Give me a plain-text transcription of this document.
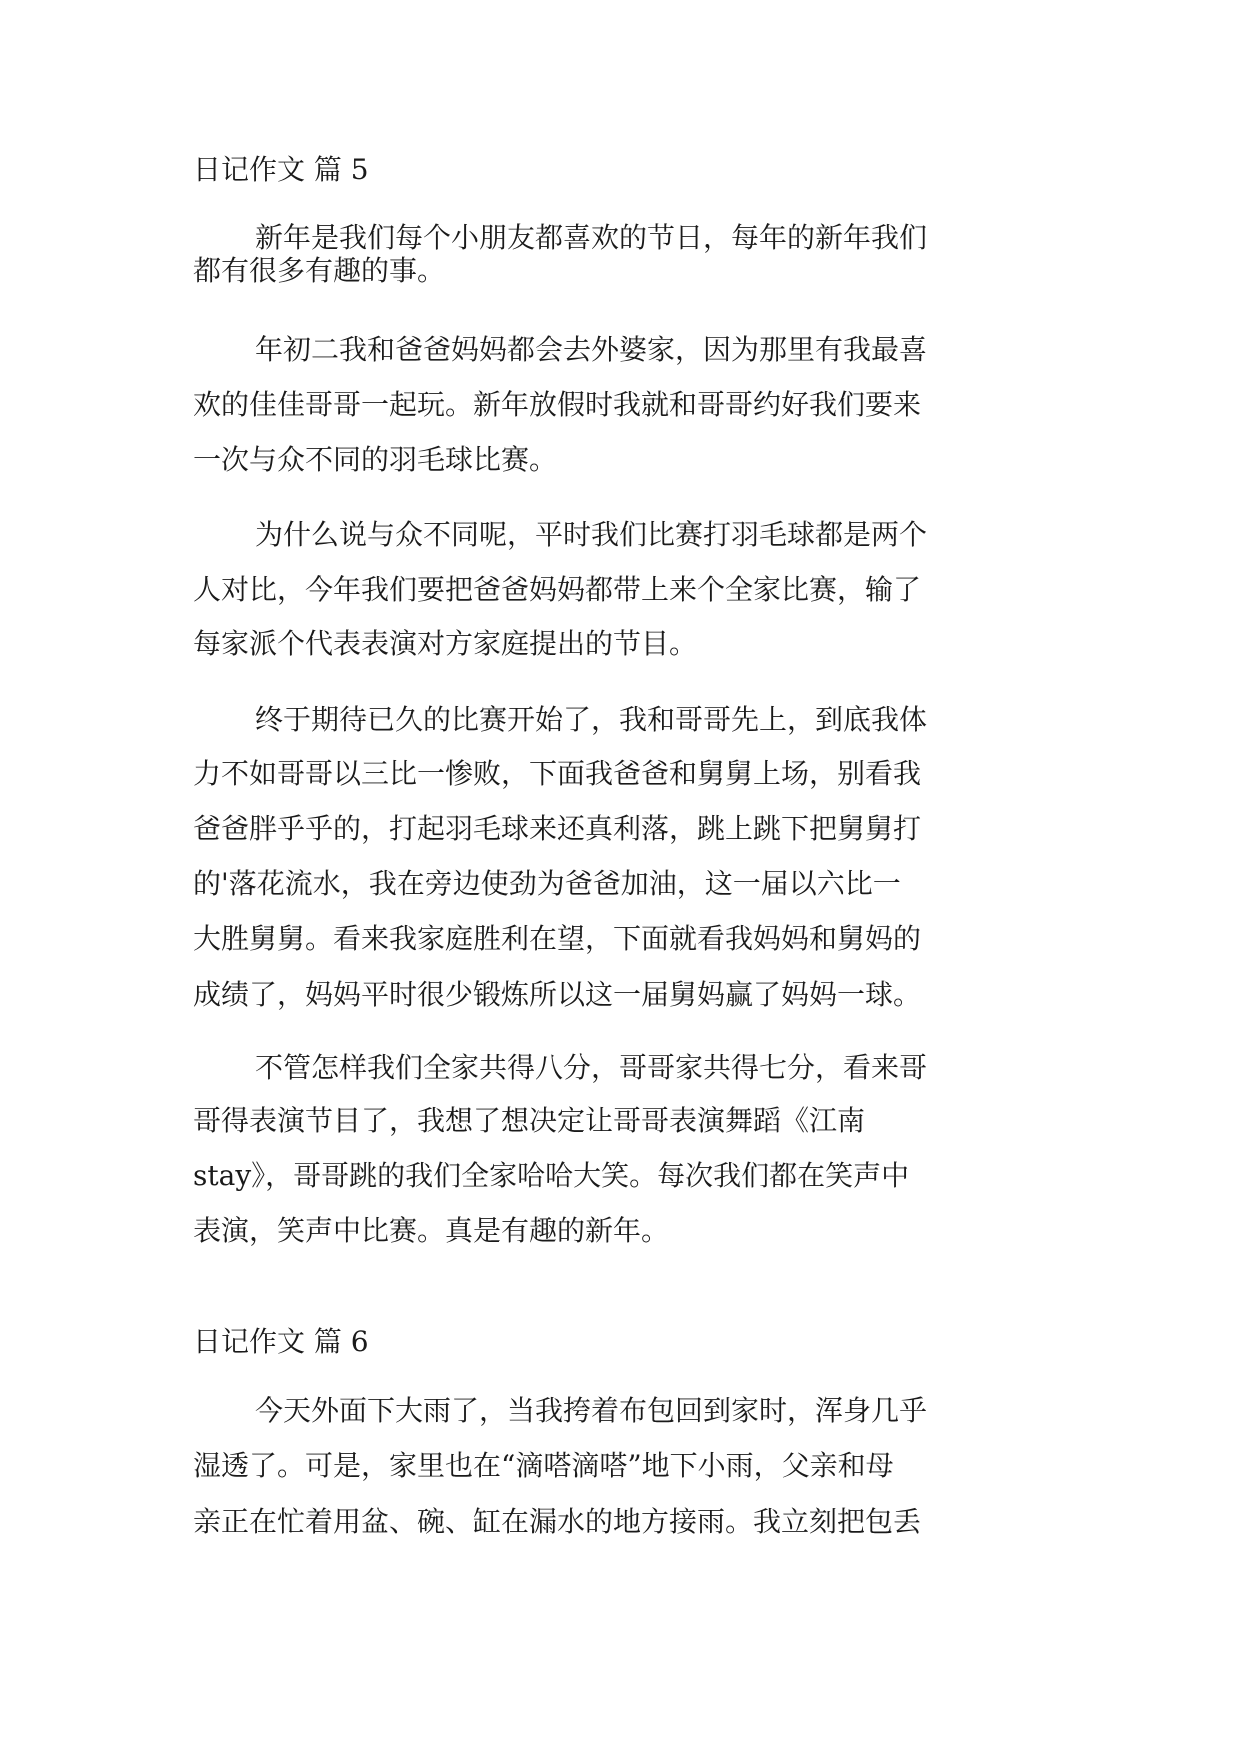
日记作文 篇 5
新年是我们每个小朋友都喜欢的节日，每年的新年我们
都有很多有趣的事。
年初二我和爸爸妈妈都会去外婆家，因为那里有我最喜
欢的佳佳哥哥一起玩。新年放假时我就和哥哥约好我们要来
一次与众不同的羽毛球比赛。
为什么说与众不同呢，平时我们比赛打羽毛球都是两个
人对比，今年我们要把爸爸妈妈都带上来个全家比赛，输了
每家派个代表表演对方家庭提出的节目。
终于期待已久的比赛开始了，我和哥哥先上，到底我体
力不如哥哥以三比一惨败，下面我爸爸和舅舅上场，别看我
爸爸胖乎乎的，打起羽毛球来还真利落，跳上跳下把舅舅打
的'落花流水，我在旁边使劲为爸爸加油，这一届以六比一
大胜舅舅。看来我家庭胜利在望，下面就看我妈妈和舅妈的
成绩了，妈妈平时很少锻炼所以这一届舅妈赢了妈妈一球。
不管怎样我们全家共得八分，哥哥家共得七分，看来哥
哥得表演节目了，我想了想决定让哥哥表演舞蹈《江南
stay》，哥哥跳的我们全家哈哈大笑。每次我们都在笑声中
表演，笑声中比赛。真是有趣的新年。
日记作文 篇 6
今天外面下大雨了，当我挎着布包回到家时，浑身几乎
湿透了。可是，家里也在“滴嗒滴嗒”地下小雨，父亲和母
亲正在忙着用盆、碗、缸在漏水的地方接雨。我立刻把包丢
